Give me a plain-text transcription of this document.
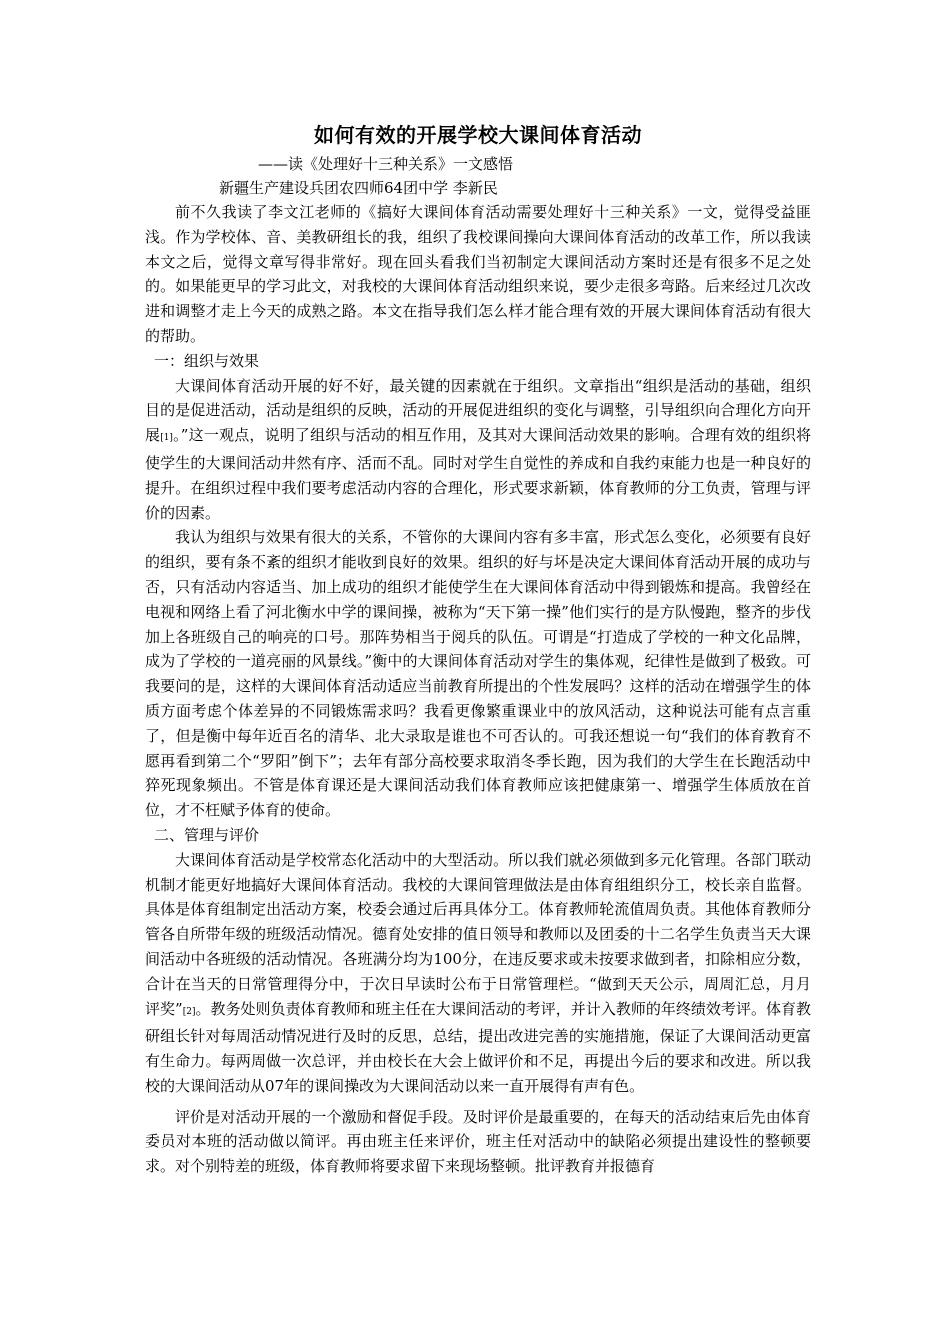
如何有效的开展学校大课间体育活动

——读《处理好十三种关系》一文感悟

新疆生产建设兵团农四师64团中学 李新民

前不久我读了李文江老师的《搞好大课间体育活动需要处理好十三种关系》一文，觉得受益匪浅。作为学校体、音、美教研组长的我，组织了我校课间操向大课间体育活动的改革工作，所以我读本文之后，觉得文章写得非常好。现在回头看我们当初制定大课间活动方案时还是有很多不足之处的。如果能更早的学习此文，对我校的大课间体育活动组织来说，要少走很多弯路。后来经过几次改进和调整才走上今天的成熟之路。本文在指导我们怎么样才能合理有效的开展大课间体育活动有很大的帮助。

一：组织与效果

大课间体育活动开展的好不好，最关键的因素就在于组织。文章指出“组织是活动的基础，组织目的是促进活动，活动是组织的反映，活动的开展促进组织的变化与调整，引导组织向合理化方向开展[1]。”这一观点，说明了组织与活动的相互作用，及其对大课间活动效果的影响。合理有效的组织将使学生的大课间活动井然有序、活而不乱。同时对学生自觉性的养成和自我约束能力也是一种良好的提升。在组织过程中我们要考虑活动内容的合理化，形式要求新颖，体育教师的分工负责，管理与评价的因素。

我认为组织与效果有很大的关系，不管你的大课间内容有多丰富，形式怎么变化，必须要有良好的组织，要有条不紊的组织才能收到良好的效果。组织的好与坏是决定大课间体育活动开展的成功与否，只有活动内容适当、加上成功的组织才能使学生在大课间体育活动中得到锻炼和提高。我曾经在电视和网络上看了河北衡水中学的课间操，被称为“天下第一操”他们实行的是方队慢跑，整齐的步伐加上各班级自己的响亮的口号。那阵势相当于阅兵的队伍。可谓是“打造成了学校的一种文化品牌，成为了学校的一道亮丽的风景线。”衡中的大课间体育活动对学生的集体观，纪律性是做到了极致。可我要问的是，这样的大课间体育活动适应当前教育所提出的个性发展吗？这样的活动在增强学生的体质方面考虑个体差异的不同锻炼需求吗？我看更像繁重课业中的放风活动，这种说法可能有点言重了，但是衡中每年近百名的清华、北大录取是谁也不可否认的。可我还想说一句“我们的体育教育不愿再看到第二个“罗阳”倒下”；去年有部分高校要求取消冬季长跑，因为我们的大学生在长跑活动中猝死现象频出。不管是体育课还是大课间活动我们体育教师应该把健康第一、增强学生体质放在首位，才不枉赋予体育的使命。

二、管理与评价

大课间体育活动是学校常态化活动中的大型活动。所以我们就必须做到多元化管理。各部门联动机制才能更好地搞好大课间体育活动。我校的大课间管理做法是由体育组组织分工，校长亲自监督。具体是体育组制定出活动方案，校委会通过后再具体分工。体育教师轮流值周负责。其他体育教师分管各自所带年级的班级活动情况。德育处安排的值日领导和教师以及团委的十二名学生负责当天大课间活动中各班级的活动情况。各班满分均为100分，在违反要求或未按要求做到者，扣除相应分数，合计在当天的日常管理得分中，于次日早读时公布于日常管理栏。“做到天天公示，周周汇总，月月评奖”[2]。教务处则负责体育教师和班主任在大课间活动的考评，并计入教师的年终绩效考评。体育教研组长针对每周活动情况进行及时的反思，总结，提出改进完善的实施措施，保证了大课间活动更富有生命力。每两周做一次总评，并由校长在大会上做评价和不足，再提出今后的要求和改进。所以我校的大课间活动从07年的课间操改为大课间活动以来一直开展得有声有色。

评价是对活动开展的一个激励和督促手段。及时评价是最重要的，在每天的活动结束后先由体育委员对本班的活动做以简评。再由班主任来评价，班主任对活动中的缺陷必须提出建设性的整顿要求。对个别特差的班级，体育教师将要求留下来现场整顿。批评教育并报德育
